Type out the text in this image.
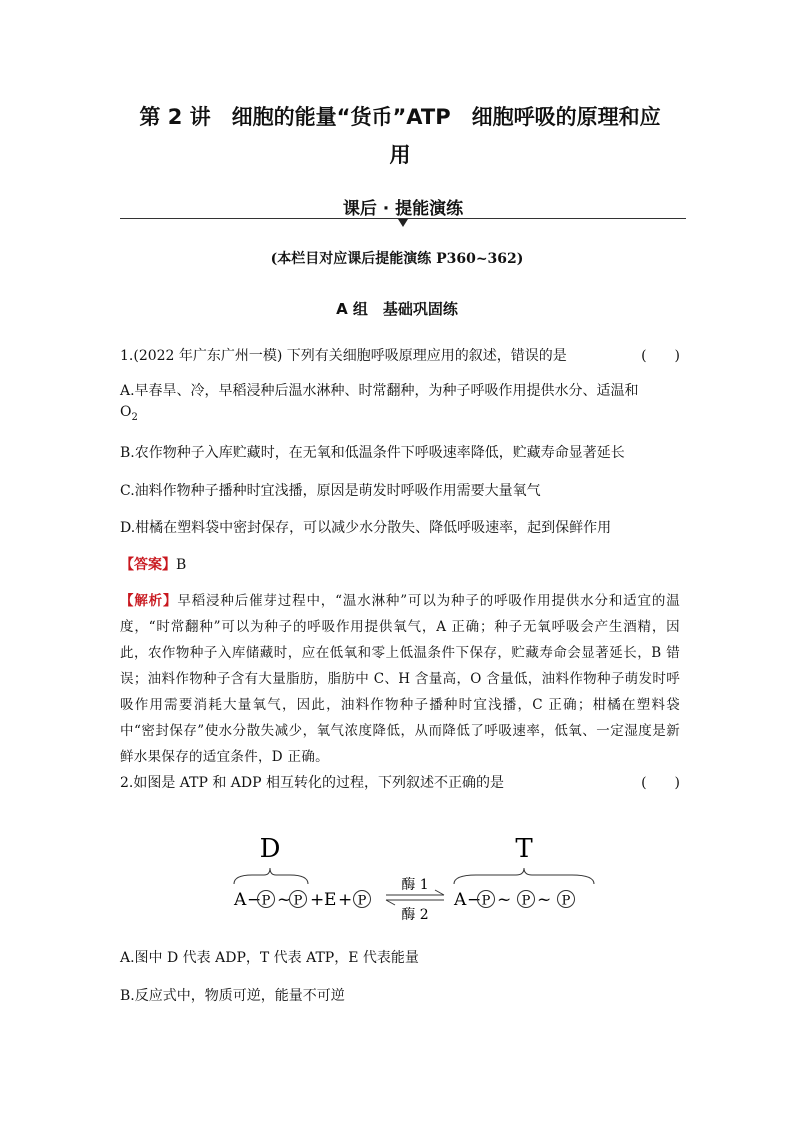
第 2 讲　细胞的能量“货币”ATP　细胞呼吸的原理和应
用
课后 · 提能演练
(本栏目对应课后提能演练 P360~362)
A 组　基础巩固练
1.(2022 年广东广州一模) 下列有关细胞呼吸原理应用的叙述，错误的是	(　　)
A.早春旱、冷，早稻浸种后温水淋种、时常翻种，为种子呼吸作用提供水分、适温和
$O_2$
B.农作物种子入库贮藏时，在无氧和低温条件下呼吸速率降低，贮藏寿命显著延长
C.油料作物种子播种时宜浅播，原因是萌发时呼吸作用需要大量氧气
D.柑橘在塑料袋中密封保存，可以减少水分散失、降低呼吸速率，起到保鲜作用
【答案】B
【解析】早稻浸种后催芽过程中，“温水淋种”可以为种子的呼吸作用提供水分和适宜的温度，“时常翻种”可以为种子的呼吸作用提供氧气，A 正确；种子无氧呼吸会产生酒精，因此，农作物种子入库储藏时，应在低氧和零上低温条件下保存，贮藏寿命会显著延长，B 错误；油料作物种子含有大量脂肪，脂肪中 C、H 含量高，O 含量低，油料作物种子萌发时呼吸作用需要消耗大量氧气，因此，油料作物种子播种时宜浅播，C 正确；柑橘在塑料袋中“密封保存”使水分散失减少，氧气浓度降低，从而降低了呼吸速率，低氧、一定湿度是新鲜水果保存的适宜条件，D 正确。
2.如图是 ATP 和 ADP 相互转化的过程，下列叙述不正确的是	(　　)
D	T
A − P ~ P + E + P
酶 1
酶 2
A − P ~ P ~ P
A.图中 D 代表 ADP，T 代表 ATP，E 代表能量
B.反应式中，物质可逆，能量不可逆
